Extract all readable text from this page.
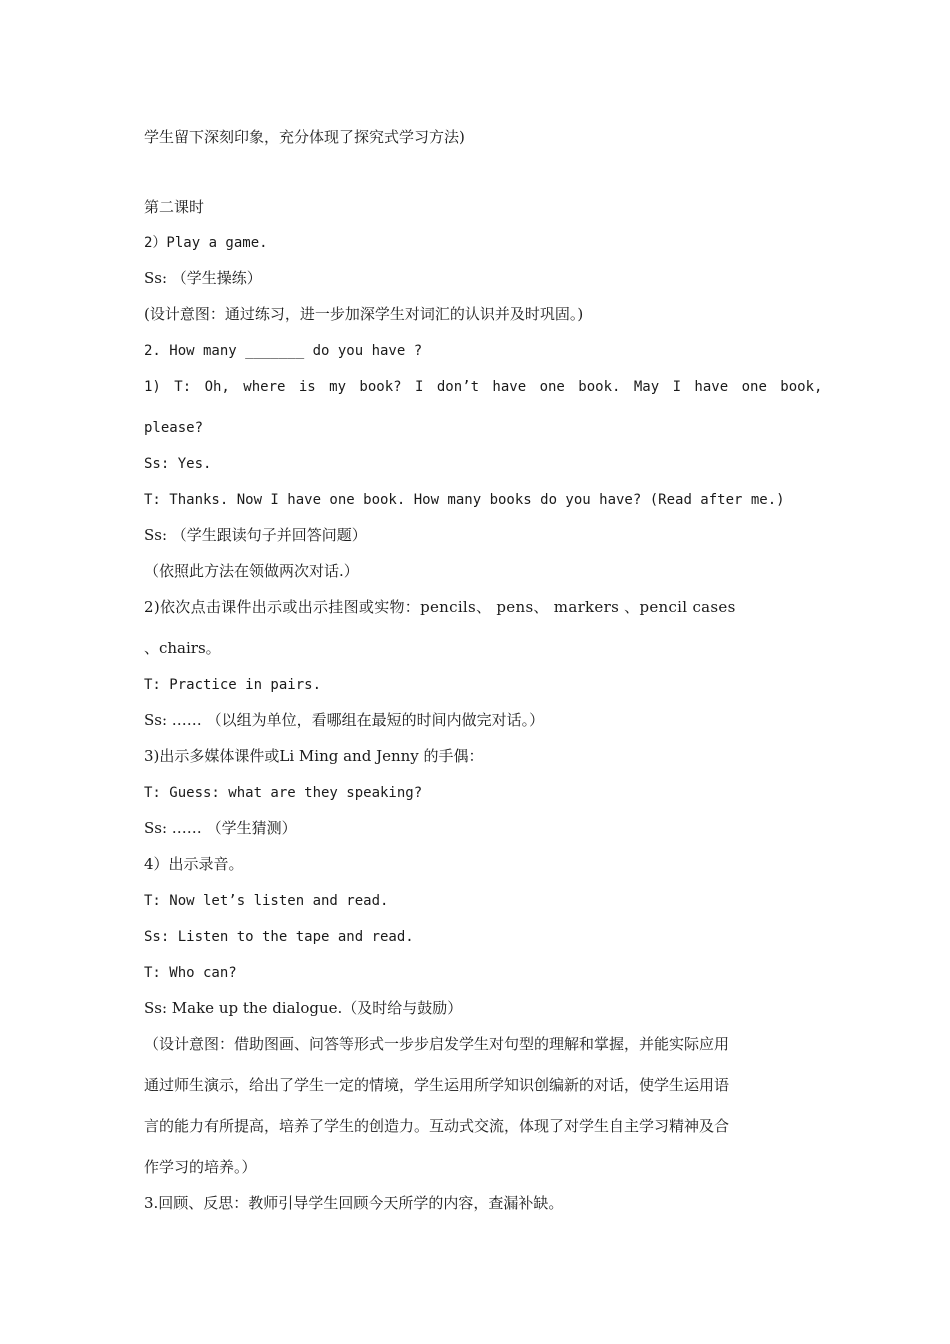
学生留下深刻印象，充分体现了探究式学习方法)
第二课时
2）Play a game.
Ss: （学生操练）
(设计意图：通过练习，进一步加深学生对词汇的认识并及时巩固。)
2. How many _______ do you have ?
1) T: Oh, where is my book? I don’t have one book. May I have one book,
please?
Ss: Yes.
T: Thanks. Now I have one book. How many books do you have? (Read after me.)
Ss: （学生跟读句子并回答问题）
（依照此方法在领做两次对话.）
2)依次点击课件出示或出示挂图或实物：pencils、 pens、 markers 、pencil cases
、chairs。
T: Practice in pairs.
Ss: …… （以组为单位，看哪组在最短的时间内做完对话。）
3)出示多媒体课件或Li Ming and Jenny 的手偶：
T: Guess: what are they speaking?
Ss: …… （学生猜测）
4）出示录音。
T: Now let’s listen and read.
Ss: Listen to the tape and read.
T: Who can?
Ss: Make up the dialogue.（及时给与鼓励）
（设计意图：借助图画、问答等形式一步步启发学生对句型的理解和掌握，并能实际应用
通过师生演示，给出了学生一定的情境，学生运用所学知识创编新的对话，使学生运用语
言的能力有所提高，培养了学生的创造力。互动式交流，体现了对学生自主学习精神及合
作学习的培养。）
3.回顾、反思：教师引导学生回顾今天所学的内容，查漏补缺。
